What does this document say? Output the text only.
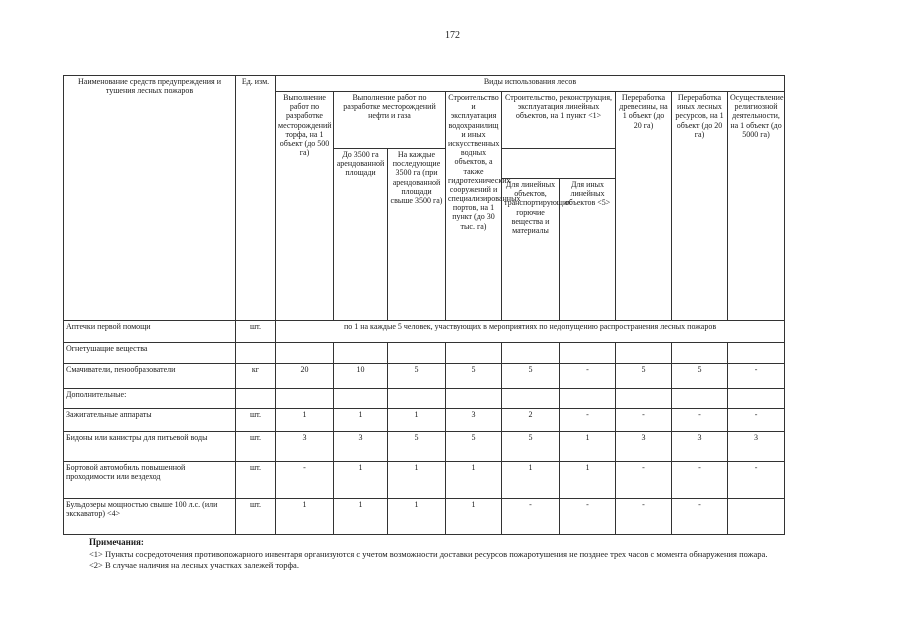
172
Наименование средств предупреждения и тушения лесных пожаров	Ед. изм.	Виды использования лесов								
		Выполнение работ по разработке месторождений торфа, на 1 объект (до 500 га)	Выполнение работ по разработке месторождений нефти и газа		Строительство и эксплуатация водохранилищ и иных искусственных водных объектов, а также гидротехнических сооружений и специализированных портов, на 1 пункт (до 30 тыс. га)	Строительство, реконструкция, эксплуатация линейных объектов, на 1 пункт <1>		Переработка древесины, на 1 объект (до 20 га)	Переработка иных лесных ресурсов, на 1 объект (до 20 га)	Осуществление религиозной деятельности, на 1 объект (до 5000 га)
			До 3500 га арендованной площади	На каждые последующие 3500 га (при арендованной площади свыше 3500 га)						
						Для линейных объектов, транспортирующих горючие вещества и материалы	Для иных линейных объектов <5>			
Аптечки первой помощи	шт.	по 1 на каждые 5 человек, участвующих в мероприятиях по недопущению распространения лесных пожаров								
Огнетушащие вещества										
Смачиватели, пенообразователи	кг	20	10	5	5	5	-	5	5	-
Дополнительные:										
Зажигательные аппараты	шт.	1	1	1	3	2	-	-	-	-
Бидоны или канистры для питьевой воды	шт.	3	3	5	5	5	1	3	3	3
Бортовой автомобиль повышенной проходимости или вездеход	шт.	-	1	1	1	1	1	-	-	-
Бульдозеры мощностью свыше 100 л.с. (или экскаватор) <4>	шт.	1	1	1	1	-	-	-	-	
Примечания:
<1> Пункты сосредоточения противопожарного инвентаря организуются с учетом возможности доставки ресурсов пожаротушения не позднее трех часов с момента обнаружения пожара.
<2> В случае наличия на лесных участках залежей торфа.
